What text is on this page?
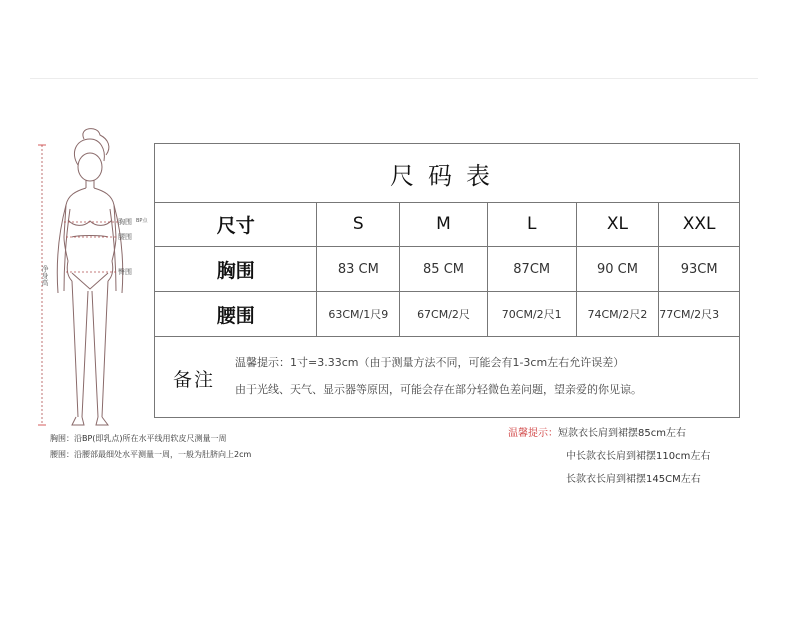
胸围 BP点
腰围
臀围
净身高
尺码表
尺寸	S	M	L	XL	XXL
胸围	83 CM	85 CM	87CM	90 CM	93CM
腰围	63CM/1尺9	67CM/2尺	70CM/2尺1	74CM/2尺2	77CM/2尺3
备注
温馨提示：1寸=3.33cm（由于测量方法不同，可能会有1-3cm左右允许误差）
由于光线、天气、显示器等原因，可能会存在部分轻微色差问题，望亲爱的你见谅。
胸围：沿BP(即乳点)所在水平线用软皮尺测量一周
腰围：沿腰部最细处水平测量一周，一般为肚脐向上2cm
温馨提示：短款衣长肩到裙摆85cm左右
中长款衣长肩到裙摆110cm左右
长款衣长肩到裙摆145CM左右
